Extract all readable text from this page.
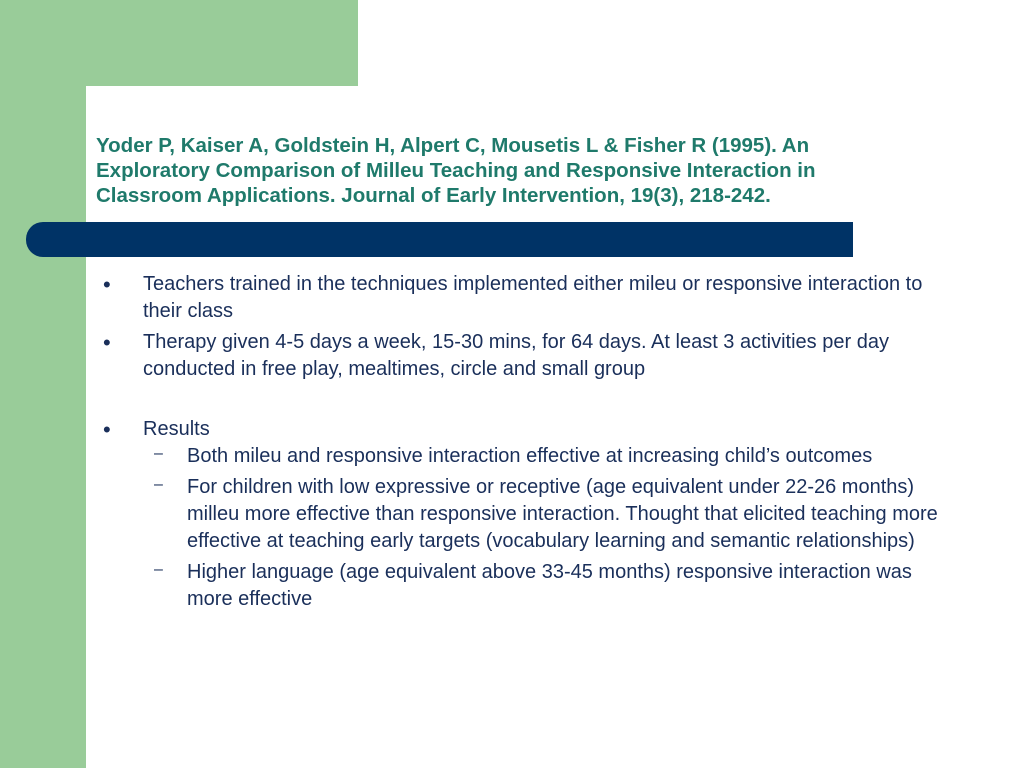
Yoder P, Kaiser A, Goldstein H, Alpert C, Mousetis L & Fisher R (1995). An Exploratory Comparison of Milleu Teaching and Responsive Interaction in Classroom Applications. Journal of Early Intervention, 19(3), 218-242.
• Teachers trained in the techniques implemented either mileu or responsive interaction to their class
• Therapy given 4-5 days a week, 15-30 mins, for 64 days. At least 3 activities per day conducted in free play, mealtimes, circle and small group
• Results
– Both mileu and responsive interaction effective at increasing child’s outcomes
– For children with low expressive or receptive (age equivalent under 22-26 months) milleu more effective than responsive interaction. Thought that elicited teaching more effective at teaching early targets (vocabulary learning and semantic relationships)
– Higher language (age equivalent above 33-45 months) responsive interaction was more effective
